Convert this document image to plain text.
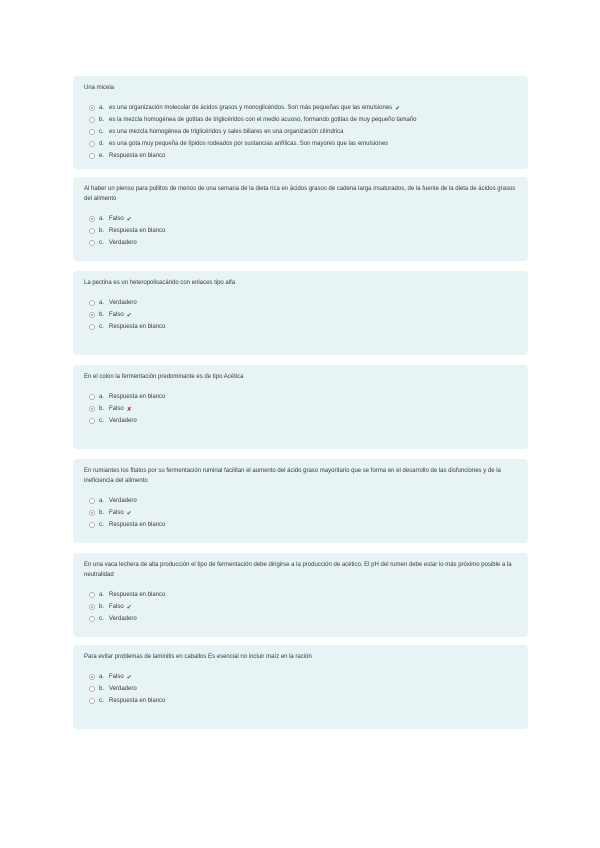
Una micela
a. es una organización molecular de ácidos grasos y monoglicéridos. Son más pequeñas que las emulsiones ✔
b. es la mezcla homogénea de gotitas de triglicéridos con el medio acuoso, formando gotitas de muy pequeño tamaño
c. es una mezcla homogénea de triglicéridos y sales biliares en una organización cilíndrica
d. es una gota muy pequeña de lípidos rodeados por sustancias anfílicas. Son mayores que las emulsiones
e. Respuesta en blanco
Al haber un pienso para pollitos de menos de una semana de la dieta rica en ácidos grasos de cadena larga insaturados, de la fuente de la dieta de ácidos grasos del alimento
a. Falso ✔
b. Respuesta en blanco
c. Verdadero
La pectina es un heteropolisacárido con enlaces tipo alfa
a. Verdadero
b. Falso ✔
c. Respuesta en blanco
En el colon la fermentación predominante es de tipo Acética
a. Respuesta en blanco
b. Falso ✘
c. Verdadero
En rumiantes los fitatos por su fermentación ruminal facilitan el aumento del ácido graso mayoritario que se forma en el desarrollo de las disfunciones y de la ineficiencia del alimento
a. Verdadero
b. Falso ✔
c. Respuesta en blanco
En una vaca lechera de alta producción el tipo de fermentación debe dirigirse a la producción de acético. El pH del rumen debe estar lo más próximo posible a la neutralidad
a. Respuesta en blanco
b. Falso ✔
c. Verdadero
Para evitar problemas de laminitis en caballos Es esencial no incluir maíz en la ración
a. Falso ✔
b. Verdadero
c. Respuesta en blanco
